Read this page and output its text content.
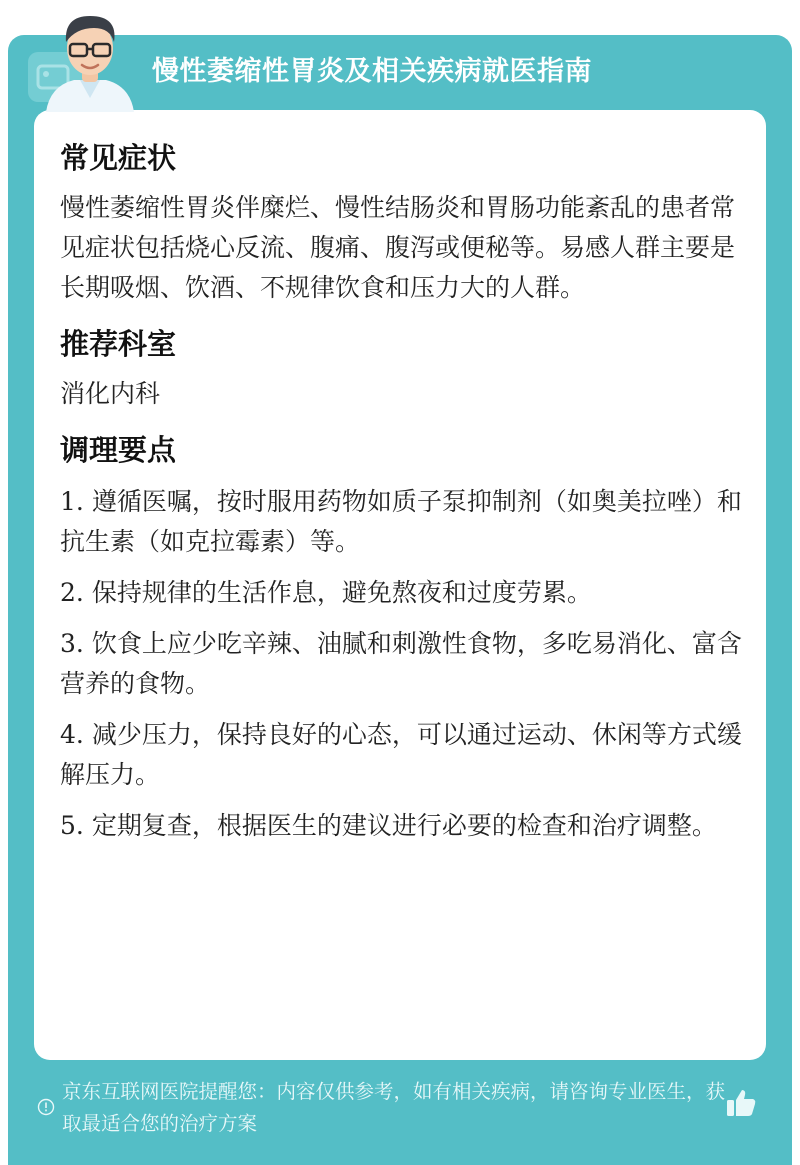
慢性萎缩性胃炎及相关疾病就医指南
常见症状

慢性萎缩性胃炎伴糜烂、慢性结肠炎和胃肠功能紊乱的患者常见症状包括烧心反流、腹痛、腹泻或便秘等。易感人群主要是长期吸烟、饮酒、不规律饮食和压力大的人群。

推荐科室

消化内科

调理要点

1. 遵循医嘱，按时服用药物如质子泵抑制剂（如奥美拉唑）和抗生素（如克拉霉素）等。

2. 保持规律的生活作息，避免熬夜和过度劳累。

3. 饮食上应少吃辛辣、油腻和刺激性食物，多吃易消化、富含营养的食物。

4. 减少压力，保持良好的心态，可以通过运动、休闲等方式缓解压力。

5. 定期复查，根据医生的建议进行必要的检查和治疗调整。

京东互联网医院提醒您：内容仅供参考，如有相关疾病，请咨询专业医生，获取最适合您的治疗方案
